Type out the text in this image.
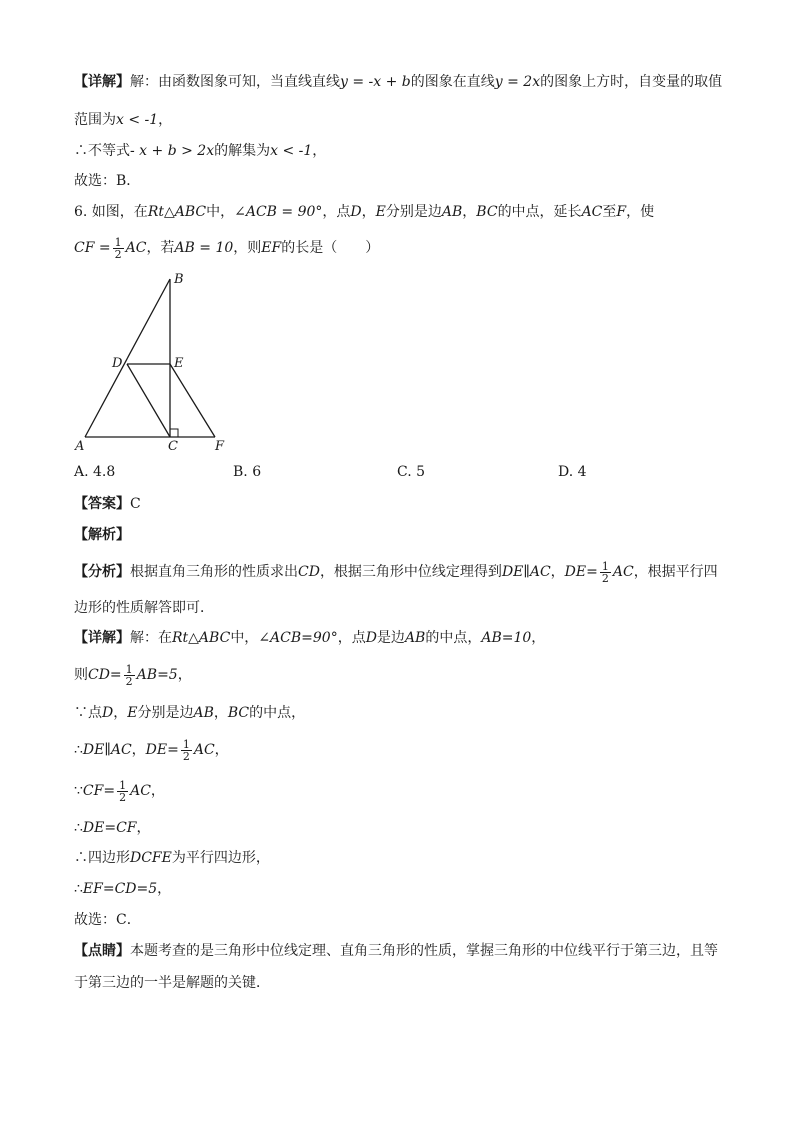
【详解】解：由函数图象可知，当直线直线y = -x + b的图象在直线y = 2x的图象上方时，自变量的取值
范围为x < -1，
∴不等式- x + b > 2x的解集为x < -1，
故选：B．
6. 如图，在Rt△ABC中，∠ACB = 90°，点D，E分别是边AB，BC的中点，延长AC至F，使
CF = $\frac{1}{2}$ AC，若AB = 10，则EF的长是（　　）
B
D	E
A	C	F
A. 4.8	B. 6	C. 5	D. 4
【答案】C
【解析】
【分析】根据直角三角形的性质求出CD，根据三角形中位线定理得到DE∥AC，$DE= \frac{1}{2}$ AC，根据平行四
边形的性质解答即可．
【详解】解：在Rt△ABC中，∠ACB=90°，点D是边AB的中点，AB=10，
则$CD= \frac{1}{2} AB=5$，
∵点D，E分别是边AB，BC的中点，
∴DE∥AC，$DE= \frac{1}{2}$ AC，
∵CF= $\frac{1}{2}$ AC，
∴DE=CF，
∴四边形DCFE为平行四边形，
∴EF=CD=5，
故选：C．
【点睛】本题考查的是三角形中位线定理、直角三角形的性质，掌握三角形的中位线平行于第三边，且等
于第三边的一半是解题的关键．
